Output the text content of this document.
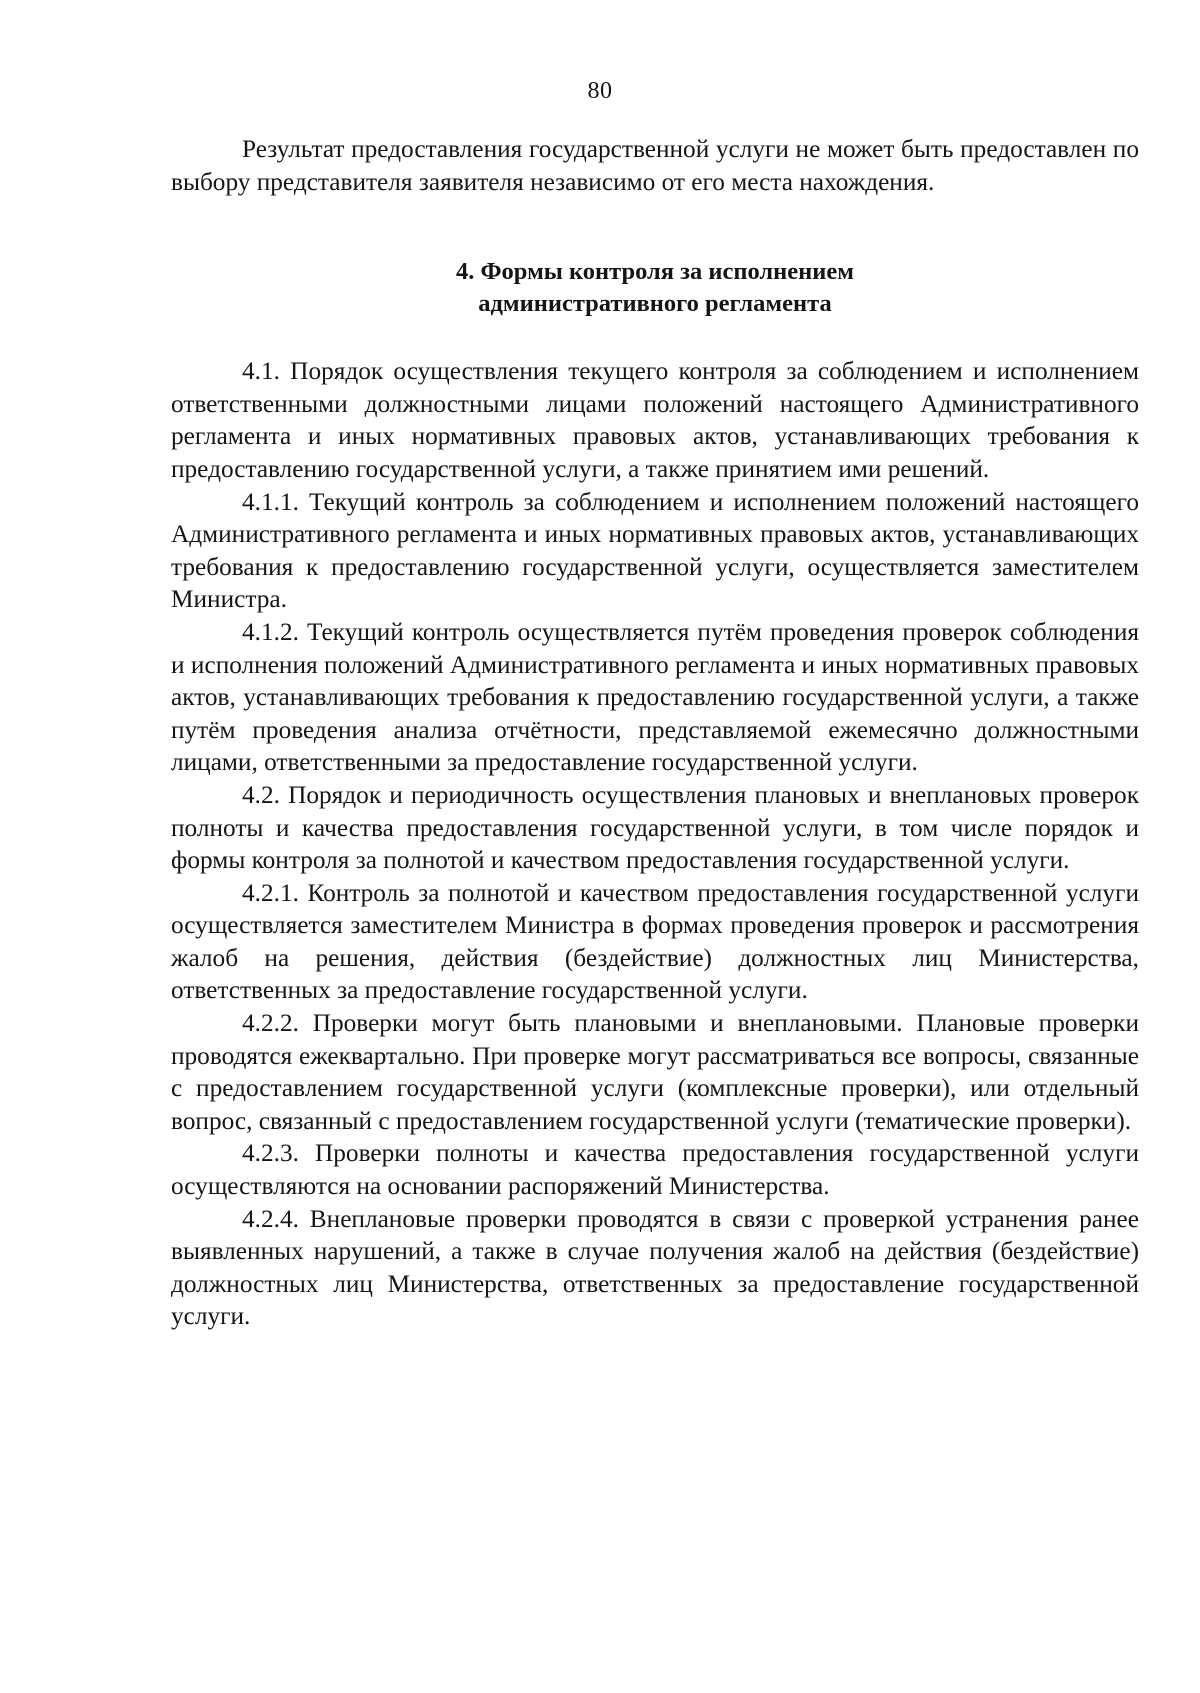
80

Результат предоставления государственной услуги не может быть предоставлен по выбору представителя заявителя независимо от его места нахождения.

4. Формы контроля за исполнением
административного регламента

4.1. Порядок осуществления текущего контроля за соблюдением и исполнением ответственными должностными лицами положений настоящего Административного регламента и иных нормативных правовых актов, устанавливающих требования к предоставлению государственной услуги, а также принятием ими решений.

4.1.1. Текущий контроль за соблюдением и исполнением положений настоящего Административного регламента и иных нормативных правовых актов, устанавливающих требования к предоставлению государственной услуги, осуществляется заместителем Министра.

4.1.2. Текущий контроль осуществляется путём проведения проверок соблюдения и исполнения положений Административного регламента и иных нормативных правовых актов, устанавливающих требования к предоставлению государственной услуги, а также путём проведения анализа отчётности, представляемой ежемесячно должностными лицами, ответственными за предоставление государственной услуги.

4.2. Порядок и периодичность осуществления плановых и внеплановых проверок полноты и качества предоставления государственной услуги, в том числе порядок и формы контроля за полнотой и качеством предоставления государственной услуги.

4.2.1. Контроль за полнотой и качеством предоставления государственной услуги осуществляется заместителем Министра в формах проведения проверок и рассмотрения жалоб на решения, действия (бездействие) должностных лиц Министерства, ответственных за предоставление государственной услуги.

4.2.2. Проверки могут быть плановыми и внеплановыми. Плановые проверки проводятся ежеквартально. При проверке могут рассматриваться все вопросы, связанные с предоставлением государственной услуги (комплексные проверки), или отдельный вопрос, связанный с предоставлением государственной услуги (тематические проверки).

4.2.3. Проверки полноты и качества предоставления государственной услуги осуществляются на основании распоряжений Министерства.

4.2.4. Внеплановые проверки проводятся в связи с проверкой устранения ранее выявленных нарушений, а также в случае получения жалоб на действия (бездействие) должностных лиц Министерства, ответственных за предоставление государственной услуги.
